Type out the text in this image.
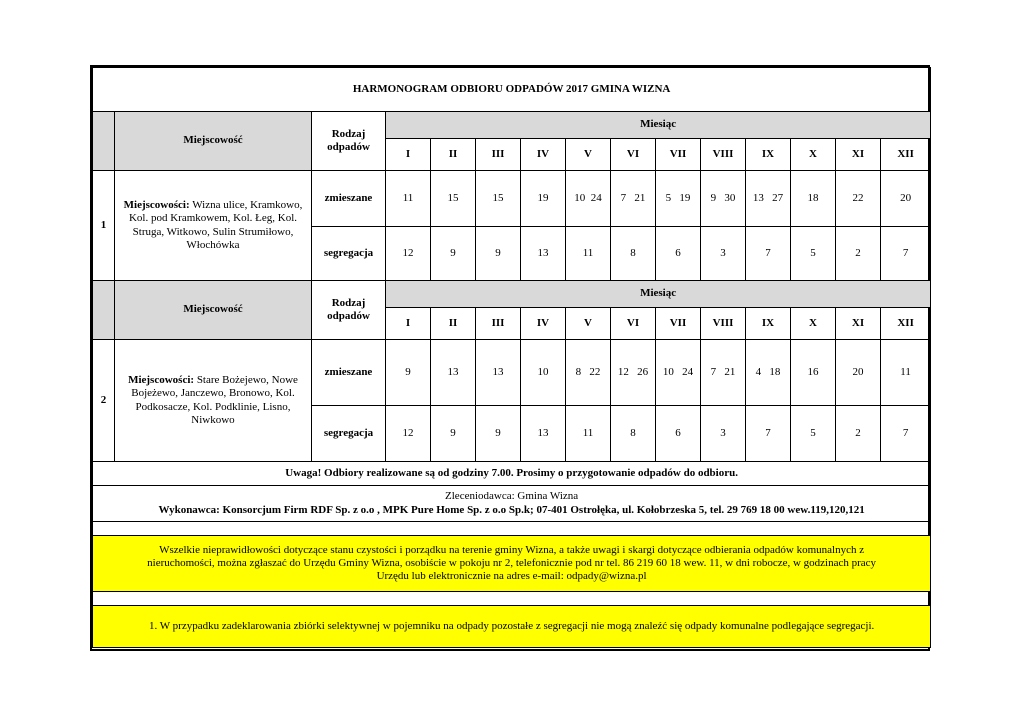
HARMONOGRAM ODBIORU ODPADÓW 2017 GMINA WIZNA														
	Miejscowość	Rodzaj
odpadów	Miesiąc											
			I	II	III	IV	V	VI	VII	VIII	IX	X	XI	XII
1	Miejscowości: Wizna ulice, Kramkowo, Kol. pod Kramkowem, Kol. Łeg, Kol. Struga, Witkowo, Sulin Strumiłowo, Włochówka	zmieszane	11	15	15	19	10  24	7   21	5   19	9   30	13   27	18	22	20
		segregacja	12	9	9	13	11	8	6	3	7	5	2	7
	Miejscowość	Rodzaj
odpadów	Miesiąc											
			I	II	III	IV	V	VI	VII	VIII	IX	X	XI	XII
2	Miejscowości: Stare Bożejewo, Nowe Bojeżewo, Janczewo, Bronowo, Kol. Podkosacze, Kol. Podklinie, Lisno, Niwkowo	zmieszane	9	13	13	10	8   22	12   26	10   24	7   21	4   18	16	20	11
		segregacja	12	9	9	13	11	8	6	3	7	5	2	7
Uwaga! Odbiory realizowane są od godziny 7.00. Prosimy o przygotowanie odpadów do odbioru.														

Zleceniodawca: Gmina Wizna
Wykonawca: Konsorcjum Firm RDF Sp. z o.o , MPK Pure Home Sp. z o.o Sp.k; 07-401 Ostrołęka, ul. Kołobrzeska 5, tel. 29 769 18 00 wew.119,120,121														

Wszelkie nieprawidłowości dotyczące stanu czystości i porządku na terenie gminy Wizna, a także uwagi i skargi dotyczące odbierania odpadów komunalnych z
nieruchomości, można zgłaszać do Urzędu Gminy Wizna, osobiście w pokoju nr 2, telefonicznie pod nr tel. 86 219 60 18 wew. 11, w dni robocze, w godzinach pracy
Urzędu lub elektronicznie na adres e-mail: odpady@wizna.pl														

1. W przypadku zadeklarowania zbiórki selektywnej w pojemniku na odpady pozostałe z segregacji nie mogą znaleźć się odpady komunalne podlegające segregacji.														
